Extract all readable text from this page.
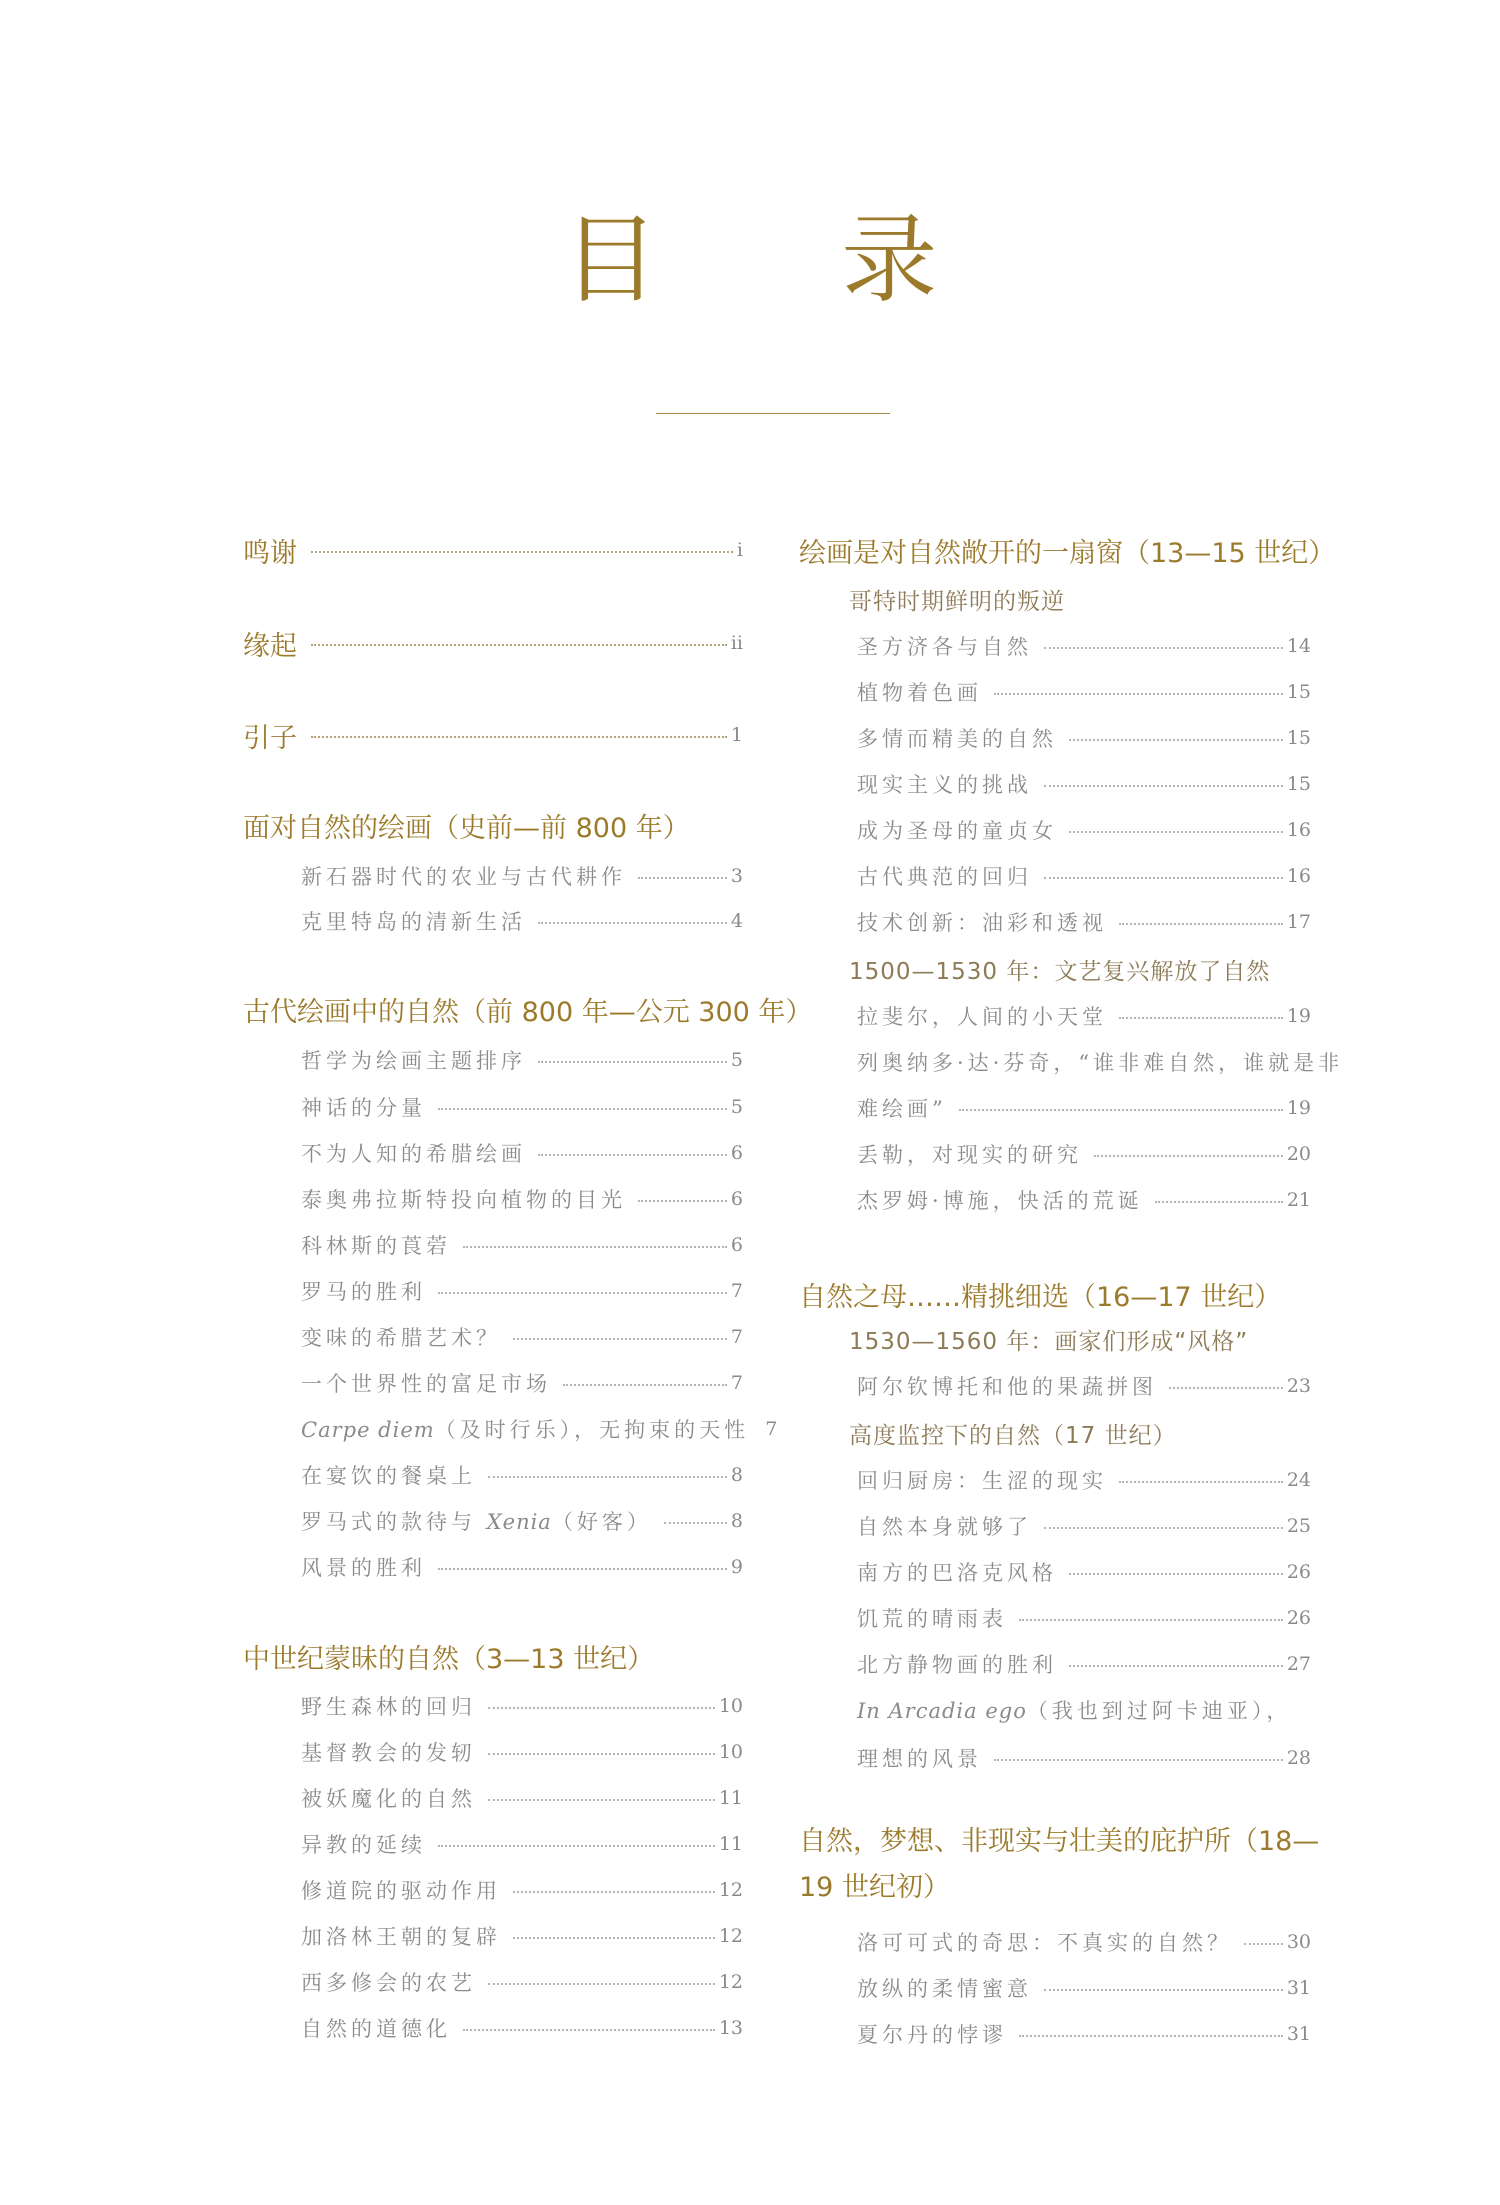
目 录
鸣谢	i
缘起	ii
引子	1
面对自然的绘画（史前—前 800 年）
新石器时代的农业与古代耕作	3
克里特岛的清新生活	4
古代绘画中的自然（前 800 年—公元 300 年）
哲学为绘画主题排序	5
神话的分量	5
不为人知的希腊绘画	6
泰奥弗拉斯特投向植物的目光	6
科林斯的莨菪	6
罗马的胜利	7
变味的希腊艺术？	7
一个世界性的富足市场	7
Carpe diem（及时行乐），无拘束的天性 7
在宴饮的餐桌上	8
罗马式的款待与 Xenia（好客）	8
风景的胜利	9
中世纪蒙昧的自然（3—13 世纪）
野生森林的回归	10
基督教会的发轫	10
被妖魔化的自然	11
异教的延续	11
修道院的驱动作用	12
加洛林王朝的复辟	12
西多修会的农艺	12
自然的道德化	13
绘画是对自然敞开的一扇窗（13—15 世纪）
哥特时期鲜明的叛逆
圣方济各与自然	14
植物着色画	15
多情而精美的自然	15
现实主义的挑战	15
成为圣母的童贞女	16
古代典范的回归	16
技术创新：油彩和透视	17
1500—1530 年：文艺复兴解放了自然
拉斐尔，人间的小天堂	19
列奥纳多·达·芬奇，“谁非难自然，谁就是非
难绘画”	19
丢勒，对现实的研究	20
杰罗姆·博施，快活的荒诞	21
自然之母……精挑细选（16—17 世纪）
1530—1560 年：画家们形成“风格”
阿尔钦博托和他的果蔬拼图	23
高度监控下的自然（17 世纪）
回归厨房：生涩的现实	24
自然本身就够了	25
南方的巴洛克风格	26
饥荒的晴雨表	26
北方静物画的胜利	27
In Arcadia ego（我也到过阿卡迪亚），
理想的风景	28
自然，梦想、非现实与壮美的庇护所（18—
19 世纪初）
洛可可式的奇思：不真实的自然？	30
放纵的柔情蜜意	31
夏尔丹的悖谬	31
